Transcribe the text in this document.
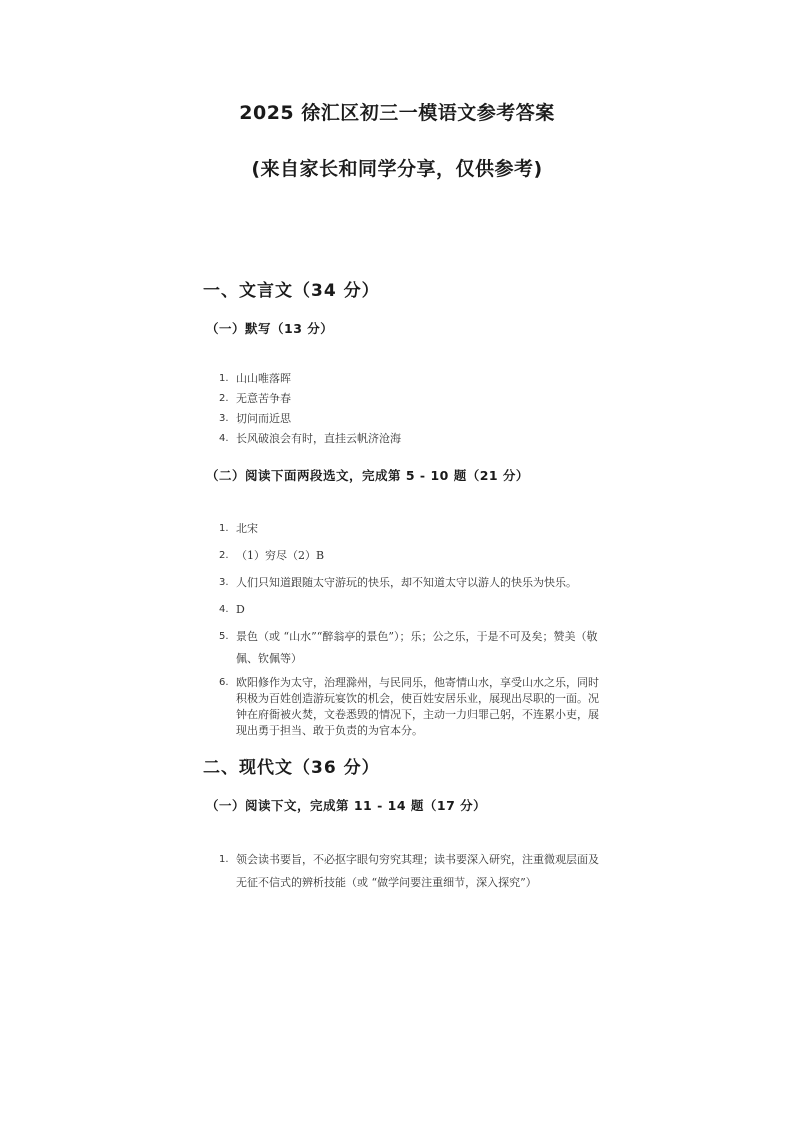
2025 徐汇区初三一模语文参考答案
(来自家长和同学分享，仅供参考)
一、文言文（34 分）
（一）默写（13 分）
1. 山山唯落晖
2. 无意苦争春
3. 切问而近思
4. 长风破浪会有时，直挂云帆济沧海
（二）阅读下面两段选文，完成第 5 - 10 题（21 分）
1. 北宋
2. （1）穷尽（2）B
3. 人们只知道跟随太守游玩的快乐，却不知道太守以游人的快乐为快乐。
4. D
5. 景色（或 “山水”“醉翁亭的景色”）；乐；公之乐，于是不可及矣；赞美（敬佩、钦佩等）
6. 欧阳修作为太守，治理滁州，与民同乐，他寄情山水，享受山水之乐，同时积极为百姓创造游玩宴饮的机会，使百姓安居乐业，展现出尽职的一面。况钟在府衙被火焚，文卷悉毁的情况下，主动一力归罪己躬，不连累小吏，展现出勇于担当、敢于负责的为官本分。
二、现代文（36 分）
（一）阅读下文，完成第 11 - 14 题（17 分）
1. 领会读书要旨，不必抠字眼句穷究其理；读书要深入研究，注重微观层面及无征不信式的辨析技能（或 “做学问要注重细节，深入探究”）
